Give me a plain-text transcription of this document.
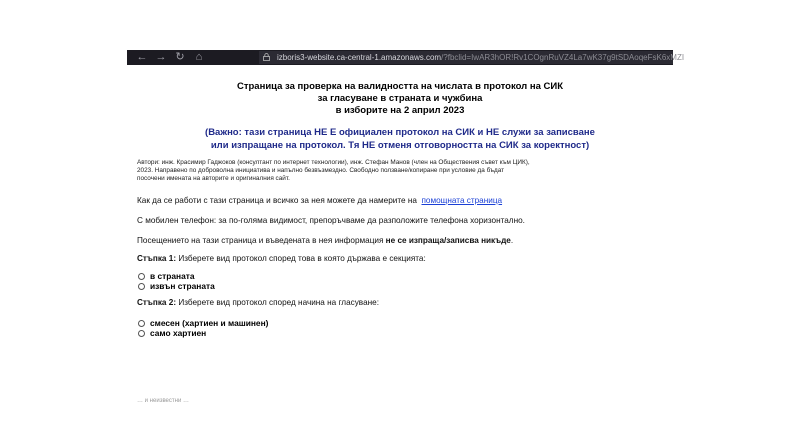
← → ↻	⌂	izboris3-website.ca-central-1.amazonaws.com/?fbclid=IwAR3hOR!Rv1COgnRuVZ4La7wK37g9tSDAoqeFsK6xMZI
Страница за проверка на валидността на числата в протокол на СИК
за гласуване в страната и чужбина
в изборите на 2 април 2023
(Важно: тази страница НЕ Е официален протокол на СИК и НЕ служи за записване
или изпращане на протокол. Тя НЕ отменя отговорността на СИК за коректност)
Автори: инж. Красимир Гаджоков (консултант по интернет технологии), инж. Стефан Манов (член на Обществения съвет към ЦИК),
2023. Направено по доброволна инициатива и напълно безвъзмездно. Свободно ползване/копиране при условие да бъдат
посочени имената на авторите и оригиналния сайт.
Как да се работи с тази страница и всичко за нея можете да намерите на помощната страница
С мобилен телефон: за по-голяма видимост, препоръчваме да разположите телефона хоризонтално.
Посещението на тази страница и въведената в нея информация не се изпраща/записва никъде.
Стъпка 1: Изберете вид протокол според това в която държава е секцията:
в страната
извън страната
Стъпка 2: Изберете вид протокол според начина на гласуване:
смесен (хартиен и машинен)
само хартиен
… и неизвестни …
